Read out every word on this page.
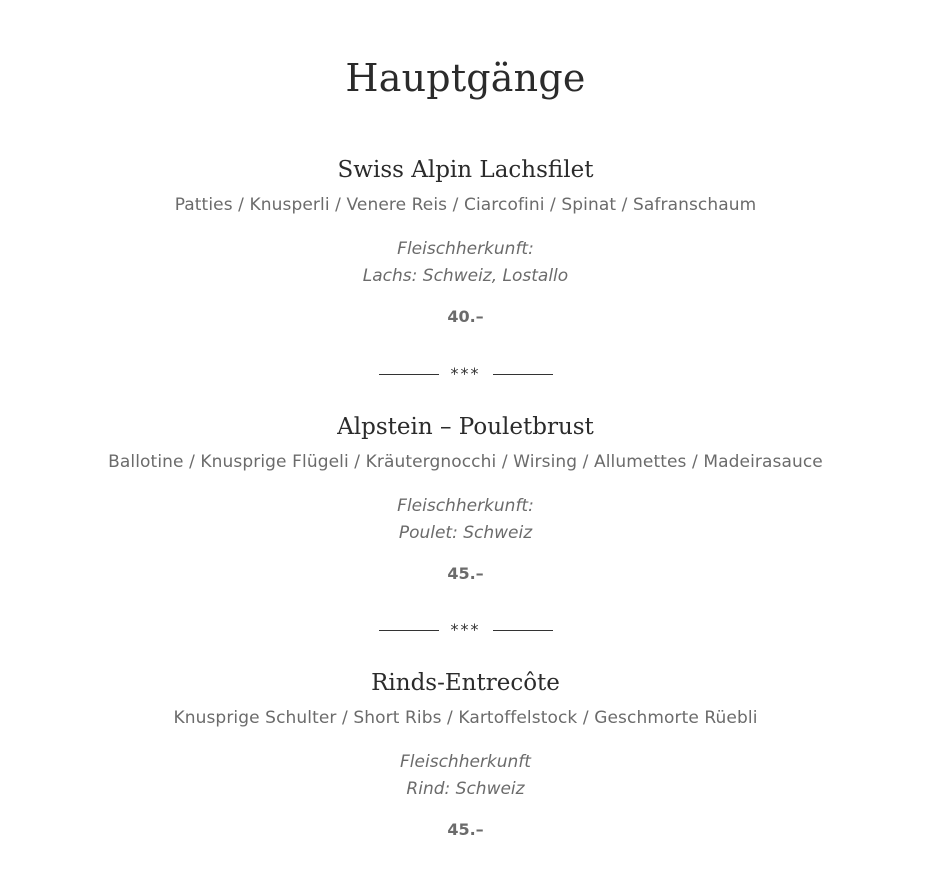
Hauptgänge
Swiss Alpin Lachsfilet

Patties / Knusperli / Venere Reis / Ciarcofini / Spinat / Safranschaum

Fleischherkunft:
Lachs: Schweiz, Lostallo

40.–

***
Alpstein – Pouletbrust

Ballotine / Knusprige Flügeli / Kräutergnocchi / Wirsing / Allumettes / Madeirasauce

Fleischherkunft:
Poulet: Schweiz

45.–

***
Rinds-Entrecôte

Knusprige Schulter / Short Ribs / Kartoffelstock / Geschmorte Rüebli

Fleischherkunft
Rind: Schweiz

45.–
